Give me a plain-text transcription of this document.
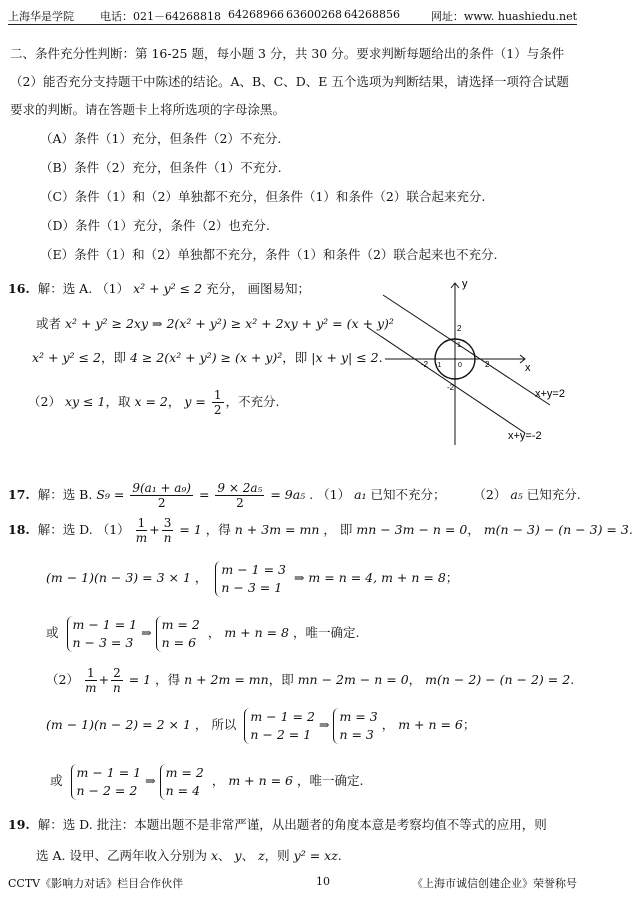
上海华是学院 电话：021－64268818 64268966 63600268 64268856	网址：www. huashiedu.net
二、条件充分性判断：第 16-25 题，每小题 3 分，共 30 分。要求判断每题给出的条件（1）与条件
（2）能否充分支持题干中陈述的结论。A、B、C、D、E 五个选项为判断结果，请选择一项符合试题
要求的判断。请在答题卡上将所选项的字母涂黑。
（A）条件（1）充分，但条件（2）不充分.
（B）条件（2）充分，但条件（1）不充分.
（C）条件（1）和（2）单独都不充分，但条件（1）和条件（2）联合起来充分.
（D）条件（1）充分，条件（2）也充分.
（E）条件（1）和（2）单独都不充分，条件（1）和条件（2）联合起来也不充分.
16. 解：选 A. （1） x² + y² ≤ 2 充分， 画图易知；
或者 x² + y² ≥ 2xy ⇒ 2(x² + y²) ≥ x² + 2xy + y² = (x + y)²
x² + y² ≤ 2，即 4 ≥ 2(x² + y²) ≥ (x + y)²，即 |x + y| ≤ 2.
（2） xy ≤ 1，取 x = 2， $y = \frac{1}{2}$ ，不充分.
y
x
x+y=2
x+y=-2
2
-2
2
-2
1
-1 0
17. 解：选 B. $S_9 = \frac{\text{9(a₁ + a₉)}}{2} = \frac{\text{9 × 2a₅}}{2} = 9a_5$ . （1） a₁ 已知不充分； （2） a₅ 已知充分.
18. 解：选 D. $(1) \frac{1}{m} + \frac{3}{n} = 1$ ，得 n + 3m = mn ， 即 mn − 3m − n = 0， m(n − 3) − (n − 3) = 3.
(m − 1)(n − 3) = 3 × 1 ，
m − 1 = 3
n − 3 = 1
⇒ m = n = 4, m + n = 8；
或
m − 1 = 1
n − 3 = 3
⇒
m = 2
n = 6
， m + n = 8 ，唯一确定.
$(2) \frac{1}{m} + \frac{2}{n} = 1$ ，得 n + 2m = mn，即 mn − 2m − n = 0， m(n − 2) − (n − 2) = 2.
(m − 1)(n − 2) = 2 × 1 ， 所以
m − 1 = 2
n − 2 = 1
⇒
m = 3
n = 3
， m + n = 6；
或
m − 1 = 1
n − 2 = 2
⇒
m = 2
n = 4
， m + n = 6 ，唯一确定.
19. 解：选 D. 批注：本题出题不是非常严谨，从出题者的角度本意是考察均值不等式的应用，则
选 A. 设甲、乙两年收入分别为 x、 y、 z，则 y² = xz.
CCTV《影响力对话》栏目合作伙伴	10	《上海市诚信创建企业》荣誉称号
